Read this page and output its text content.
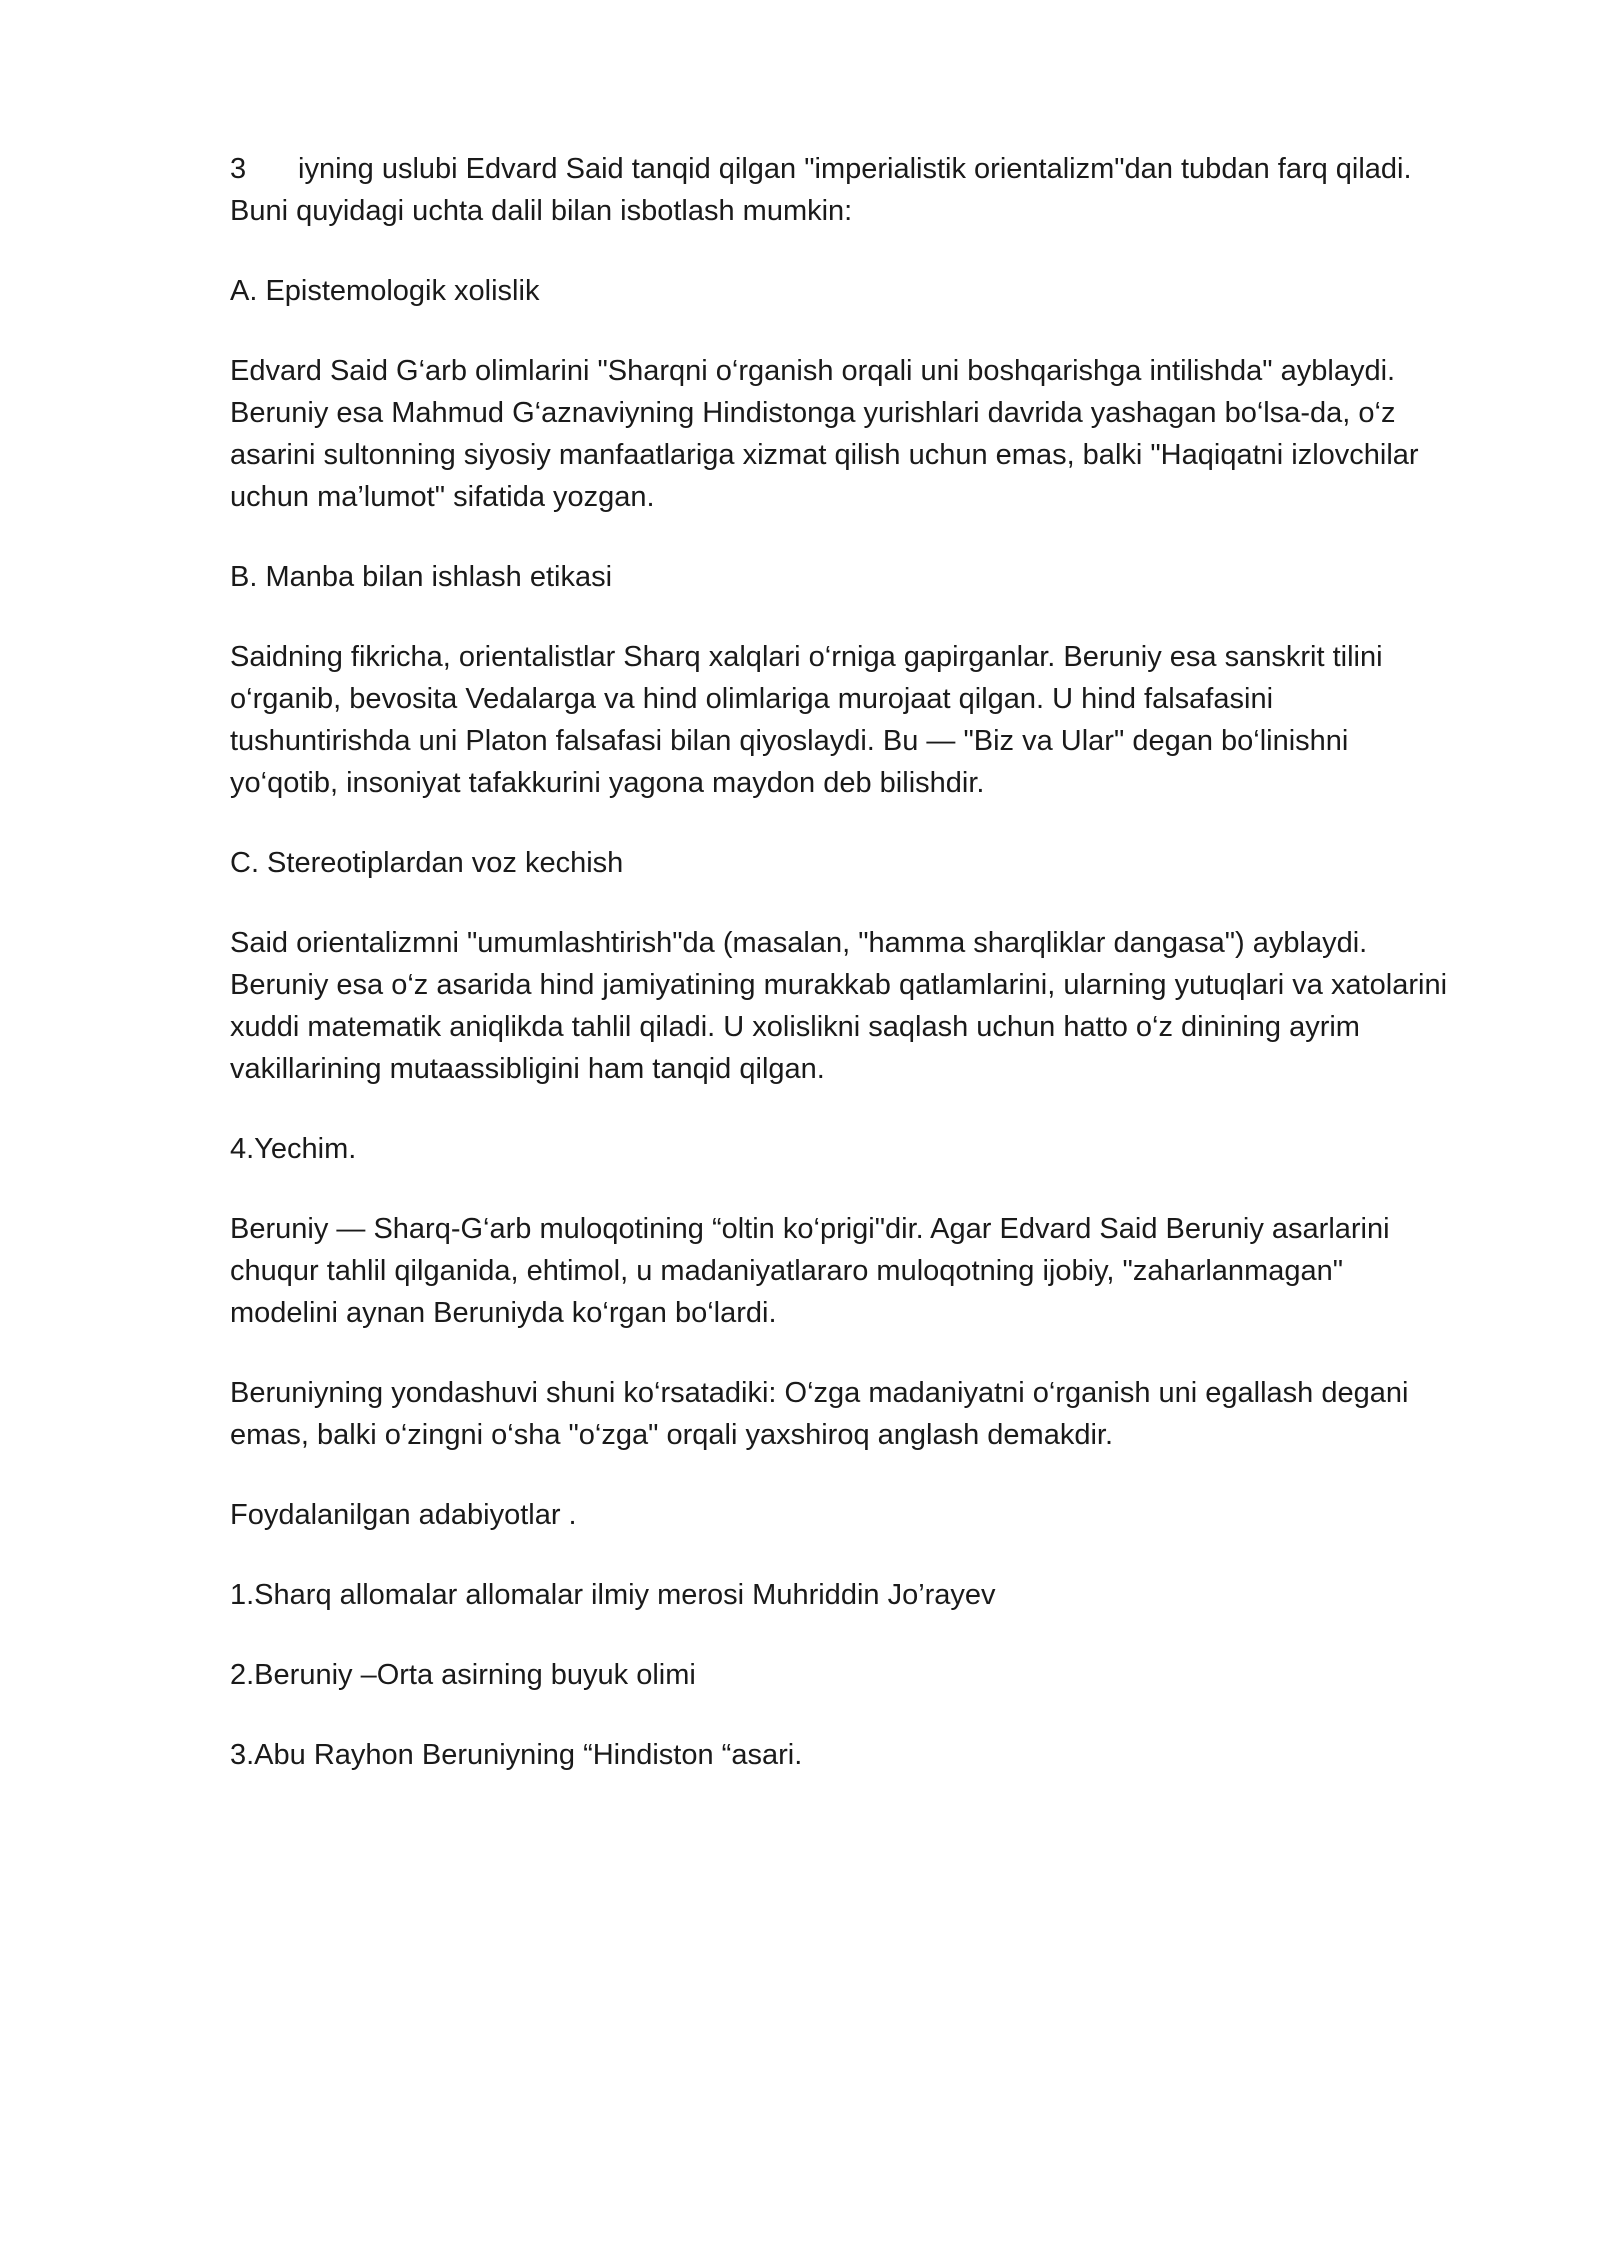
3 iyning uslubi Edvard Said tanqid qilgan "imperialistik orientalizm"dan tubdan farq qiladi.
Buni quyidagi uchta dalil bilan isbotlash mumkin:

A. Epistemologik xolislik

Edvard Said G‘arb olimlarini "Sharqni o‘rganish orqali uni boshqarishga intilishda" ayblaydi.
Beruniy esa Mahmud G‘aznaviyning Hindistonga yurishlari davrida yashagan bo‘lsa-da, o‘z
asarini sultonning siyosiy manfaatlariga xizmat qilish uchun emas, balki "Haqiqatni izlovchilar
uchun ma’lumot" sifatida yozgan.

B. Manba bilan ishlash etikasi

Saidning fikricha, orientalistlar Sharq xalqlari o‘rniga gapirganlar. Beruniy esa sanskrit tilini
o‘rganib, bevosita Vedalarga va hind olimlariga murojaat qilgan. U hind falsafasini
tushuntirishda uni Platon falsafasi bilan qiyoslaydi. Bu — "Biz va Ular" degan bo‘linishni
yo‘qotib, insoniyat tafakkurini yagona maydon deb bilishdir.

C. Stereotiplardan voz kechish

Said orientalizmni "umumlashtirish"da (masalan, "hamma sharqliklar dangasa") ayblaydi.
Beruniy esa o‘z asarida hind jamiyatining murakkab qatlamlarini, ularning yutuqlari va xatolarini
xuddi matematik aniqlikda tahlil qiladi. U xolislikni saqlash uchun hatto o‘z dinining ayrim
vakillarining mutaassibligini ham tanqid qilgan.

4.Yechim.

Beruniy — Sharq-G‘arb muloqotining “oltin ko‘prigi"dir. Agar Edvard Said Beruniy asarlarini
chuqur tahlil qilganida, ehtimol, u madaniyatlararo muloqotning ijobiy, "zaharlanmagan"
modelini aynan Beruniyda ko‘rgan bo‘lardi.

Beruniyning yondashuvi shuni ko‘rsatadiki: O‘zga madaniyatni o‘rganish uni egallash degani
emas, balki o‘zingni o‘sha "o‘zga" orqali yaxshiroq anglash demakdir.

Foydalanilgan adabiyotlar .

1.Sharq allomalar allomalar ilmiy merosi Muhriddin Jo’rayev

2.Beruniy –Orta asirning buyuk olimi

3.Abu Rayhon Beruniyning “Hindiston “asari.
